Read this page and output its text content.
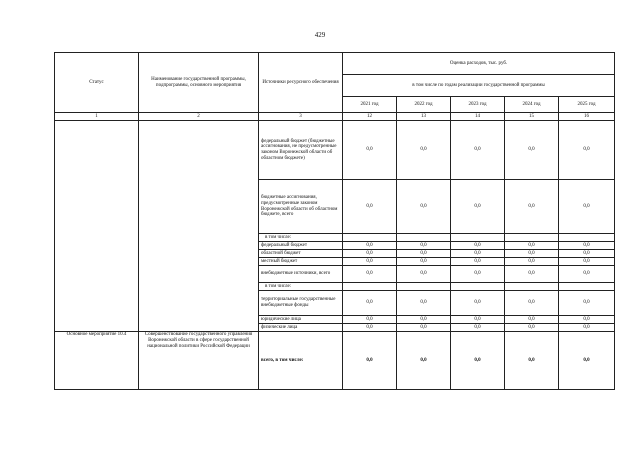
429
Статус	Наименование государственной программы, подпрограммы, основного мероприятия	Источники ресурсного обеспечения	Оценка расходов, тыс. руб.				
			в том числе по годам реализации государственной программы				
			2021 год	2022 год	2023 год	2024 год	2025 год
1	2	3	12	13	14	15	16
		федеральный бюджет (бюджетные ассигнования, не предусмотренные законом Воронежской области об областном бюджете)	0,0	0,0	0,0	0,0	0,0
		бюджетные ассигнования, предусмотренные законом Воронежской области об областном бюджете, всего	0,0	0,0	0,0	0,0	0,0
		в том числе:					
		федеральный бюджет	0,0	0,0	0,0	0,0	0,0
		областной бюджет	0,0	0,0	0,0	0,0	0,0
		местный бюджет	0,0	0,0	0,0	0,0	0,0
		внебюджетные источники, всего	0,0	0,0	0,0	0,0	0,0
		в том числе:					
		территориальные государственные внебюджетные фонды	0,0	0,0	0,0	0,0	0,0
		юридические лица	0,0	0,0	0,0	0,0	0,0
		физические лица	0,0	0,0	0,0	0,0	0,0
Основное мероприятие 10.4	Совершенствование государственного управления Воронежской области в сфере государственной национальной политики Российской Федерации	всего, в том числе:	0,0	0,0	0,0	0,0	0,0
